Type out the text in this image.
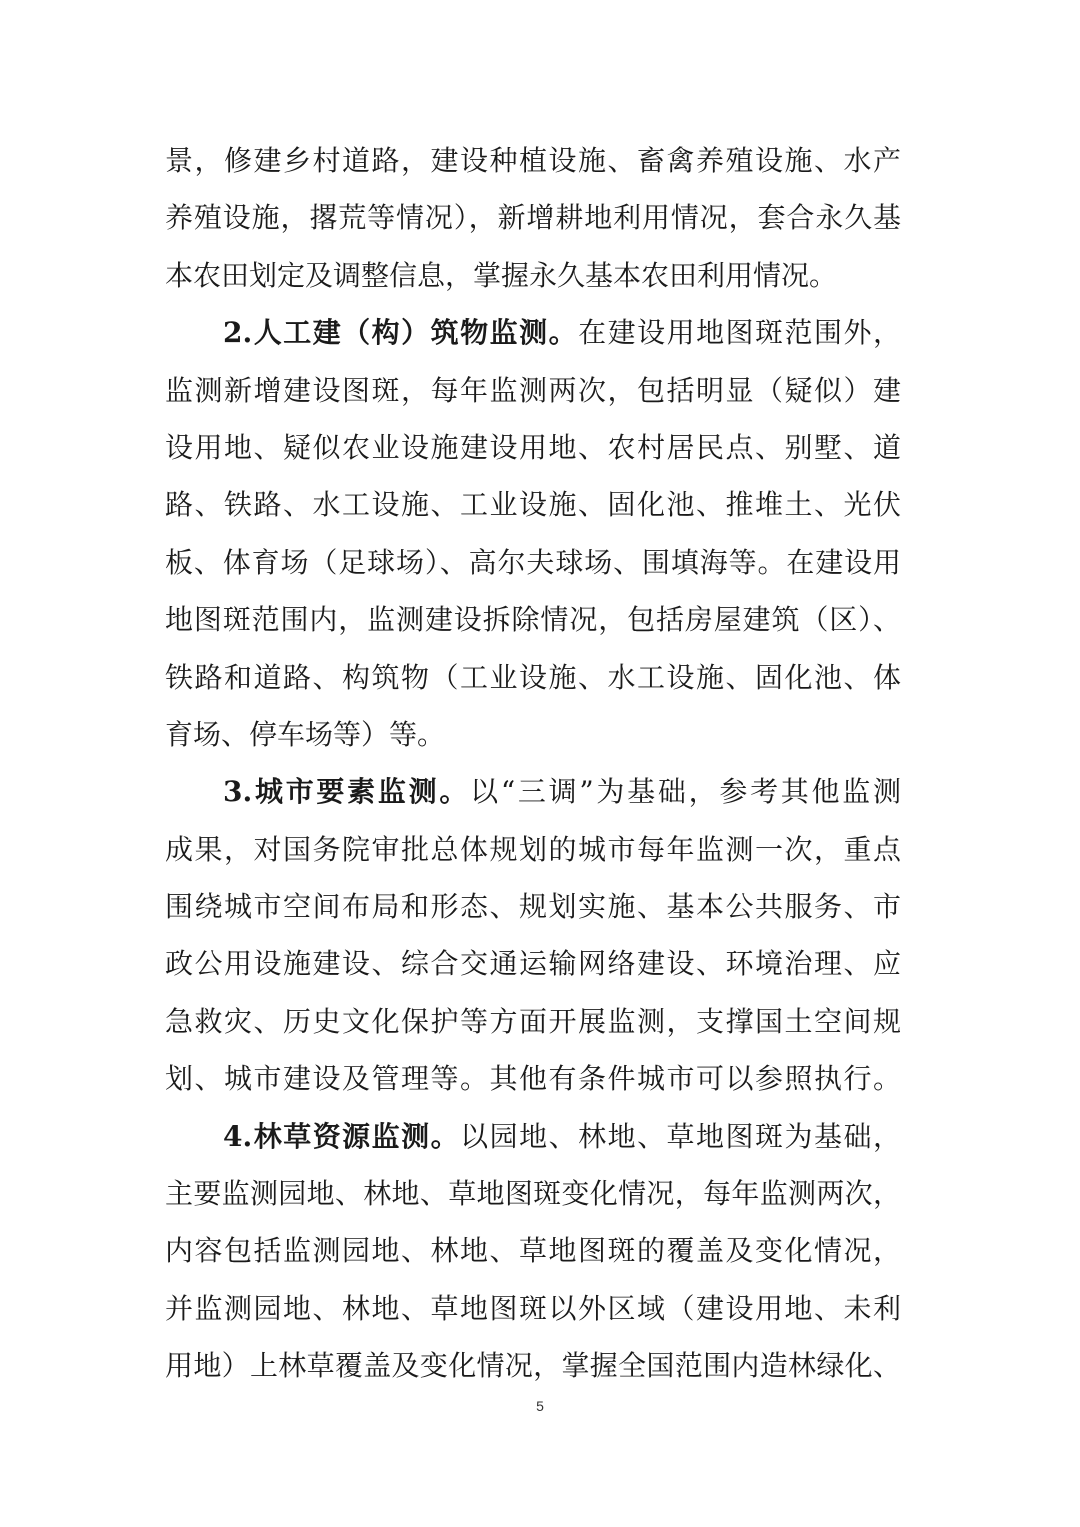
景，修建乡村道路，建设种植设施、畜禽养殖设施、水产
养殖设施，撂荒等情况），新增耕地利用情况，套合永久基
本农田划定及调整信息，掌握永久基本农田利用情况。
2.人工建（构）筑物监测。在建设用地图斑范围外，
监测新增建设图斑，每年监测两次，包括明显（疑似）建
设用地、疑似农业设施建设用地、农村居民点、别墅、道
路、铁路、水工设施、工业设施、固化池、推堆土、光伏
板、体育场（足球场）、高尔夫球场、围填海等。在建设用
地图斑范围内，监测建设拆除情况，包括房屋建筑（区）、
铁路和道路、构筑物（工业设施、水工设施、固化池、体
育场、停车场等）等。
3.城市要素监测。以“三调”为基础，参考其他监测
成果，对国务院审批总体规划的城市每年监测一次，重点
围绕城市空间布局和形态、规划实施、基本公共服务、市
政公用设施建设、综合交通运输网络建设、环境治理、应
急救灾、历史文化保护等方面开展监测，支撑国土空间规
划、城市建设及管理等。其他有条件城市可以参照执行。
4.林草资源监测。以园地、林地、草地图斑为基础，
主要监测园地、林地、草地图斑变化情况，每年监测两次，
内容包括监测园地、林地、草地图斑的覆盖及变化情况，
并监测园地、林地、草地图斑以外区域（建设用地、未利
用地）上林草覆盖及变化情况，掌握全国范围内造林绿化、
5
